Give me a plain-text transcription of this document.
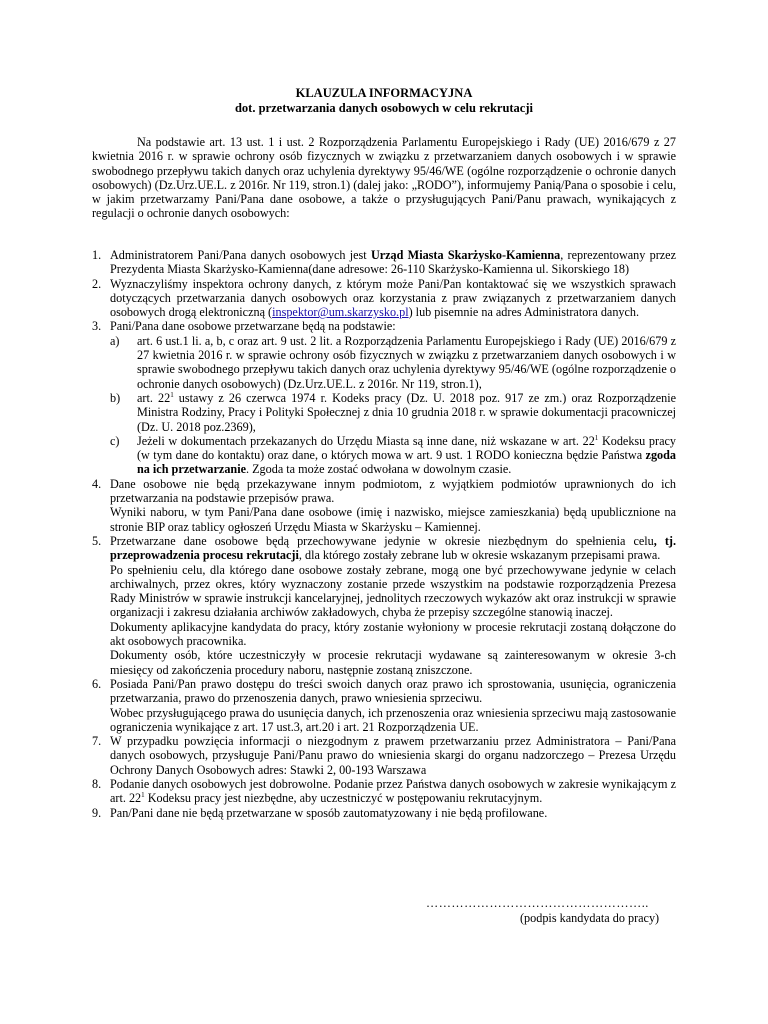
KLAUZULA INFORMACYJNA
dot. przetwarzania danych osobowych w celu rekrutacji
Na podstawie art. 13 ust. 1 i ust. 2 Rozporządzenia Parlamentu Europejskiego i Rady (UE) 2016/679 z 27 kwietnia 2016 r. w sprawie ochrony osób fizycznych w związku z przetwarzaniem danych osobowych i w sprawie swobodnego przepływu takich danych oraz uchylenia dyrektywy 95/46/WE (ogólne rozporządzenie o ochronie danych osobowych) (Dz.Urz.UE.L. z 2016r. Nr 119, stron.1) (dalej jako: „RODO”), informujemy Panią/Pana o sposobie i celu, w jakim przetwarzamy Pani/Pana dane osobowe, a także o przysługujących Pani/Panu prawach, wynikających z regulacji o ochronie danych osobowych:
1. Administratorem Pani/Pana danych osobowych jest Urząd Miasta Skarżysko-Kamienna, reprezentowany przez Prezydenta Miasta Skarżysko-Kamienna(dane adresowe: 26-110 Skarżysko-Kamienna ul. Sikorskiego 18)
2. Wyznaczyliśmy inspektora ochrony danych, z którym może Pani/Pan kontaktować się we wszystkich sprawach dotyczących przetwarzania danych osobowych oraz korzystania z praw związanych z przetwarzaniem danych osobowych drogą elektroniczną (inspektor@um.skarzysko.pl) lub pisemnie na adres Administratora danych.
3. Pani/Pana dane osobowe przetwarzane będą na podstawie:
a) art. 6 ust.1 li. a, b, c oraz art. 9 ust. 2 lit. a Rozporządzenia Parlamentu Europejskiego i Rady (UE) 2016/679 z 27 kwietnia 2016 r. w sprawie ochrony osób fizycznych w związku z przetwarzaniem danych osobowych i w sprawie swobodnego przepływu takich danych oraz uchylenia dyrektywy 95/46/WE (ogólne rozporządzenie o ochronie danych osobowych) (Dz.Urz.UE.L. z 2016r. Nr 119, stron.1),
b) art. $22^1$ ustawy z 26 czerwca 1974 r. Kodeks pracy (Dz. U. 2018 poz. 917 ze zm.) oraz Rozporządzenie Ministra Rodziny, Pracy i Polityki Społecznej z dnia 10 grudnia 2018 r. w sprawie dokumentacji pracowniczej (Dz. U. 2018 poz.2369),
c) Jeżeli w dokumentach przekazanych do Urzędu Miasta są inne dane, niż wskazane w art. $22^1$ Kodeksu pracy (w tym dane do kontaktu) oraz dane, o których mowa w art. 9 ust. 1 RODO konieczna będzie Państwa zgoda na ich przetwarzanie. Zgoda ta może zostać odwołana w dowolnym czasie.
4. Dane osobowe nie będą przekazywane innym podmiotom, z wyjątkiem podmiotów uprawnionych do ich przetwarzania na podstawie przepisów prawa.
Wyniki naboru, w tym Pani/Pana dane osobowe (imię i nazwisko, miejsce zamieszkania) będą upublicznione na stronie BIP oraz tablicy ogłoszeń Urzędu Miasta w Skarżysku – Kamiennej.
5. Przetwarzane dane osobowe będą przechowywane jedynie w okresie niezbędnym do spełnienia celu, tj. przeprowadzenia procesu rekrutacji, dla którego zostały zebrane lub w okresie wskazanym przepisami prawa.
Po spełnieniu celu, dla którego dane osobowe zostały zebrane, mogą one być przechowywane jedynie w celach archiwalnych, przez okres, który wyznaczony zostanie przede wszystkim na podstawie rozporządzenia Prezesa Rady Ministrów w sprawie instrukcji kancelaryjnej, jednolitych rzeczowych wykazów akt oraz instrukcji w sprawie organizacji i zakresu działania archiwów zakładowych, chyba że przepisy szczególne stanowią inaczej.
Dokumenty aplikacyjne kandydata do pracy, który zostanie wyłoniony w procesie rekrutacji zostaną dołączone do akt osobowych pracownika.
Dokumenty osób, które uczestniczyły w procesie rekrutacji wydawane są zainteresowanym w okresie 3-ch miesięcy od zakończenia procedury naboru, następnie zostaną zniszczone.
6. Posiada Pani/Pan prawo dostępu do treści swoich danych oraz prawo ich sprostowania, usunięcia, ograniczenia przetwarzania, prawo do przenoszenia danych, prawo wniesienia sprzeciwu.
Wobec przysługującego prawa do usunięcia danych, ich przenoszenia oraz wniesienia sprzeciwu mają zastosowanie ograniczenia wynikające z art. 17 ust.3, art.20 i art. 21 Rozporządzenia UE.
7. W przypadku powzięcia informacji o niezgodnym z prawem przetwarzaniu przez Administratora – Pani/Pana danych osobowych, przysługuje Pani/Panu prawo do wniesienia skargi do organu nadzorczego – Prezesa Urzędu Ochrony Danych Osobowych adres: Stawki 2, 00-193 Warszawa
8. Podanie danych osobowych jest dobrowolne. Podanie przez Państwa danych osobowych w zakresie wynikającym z art. $22^1$ Kodeksu pracy jest niezbędne, aby uczestniczyć w postępowaniu rekrutacyjnym.
9. Pan/Pani dane nie będą przetwarzane w sposób zautomatyzowany i nie będą profilowane.
……………………………………………..
(podpis kandydata do pracy)
